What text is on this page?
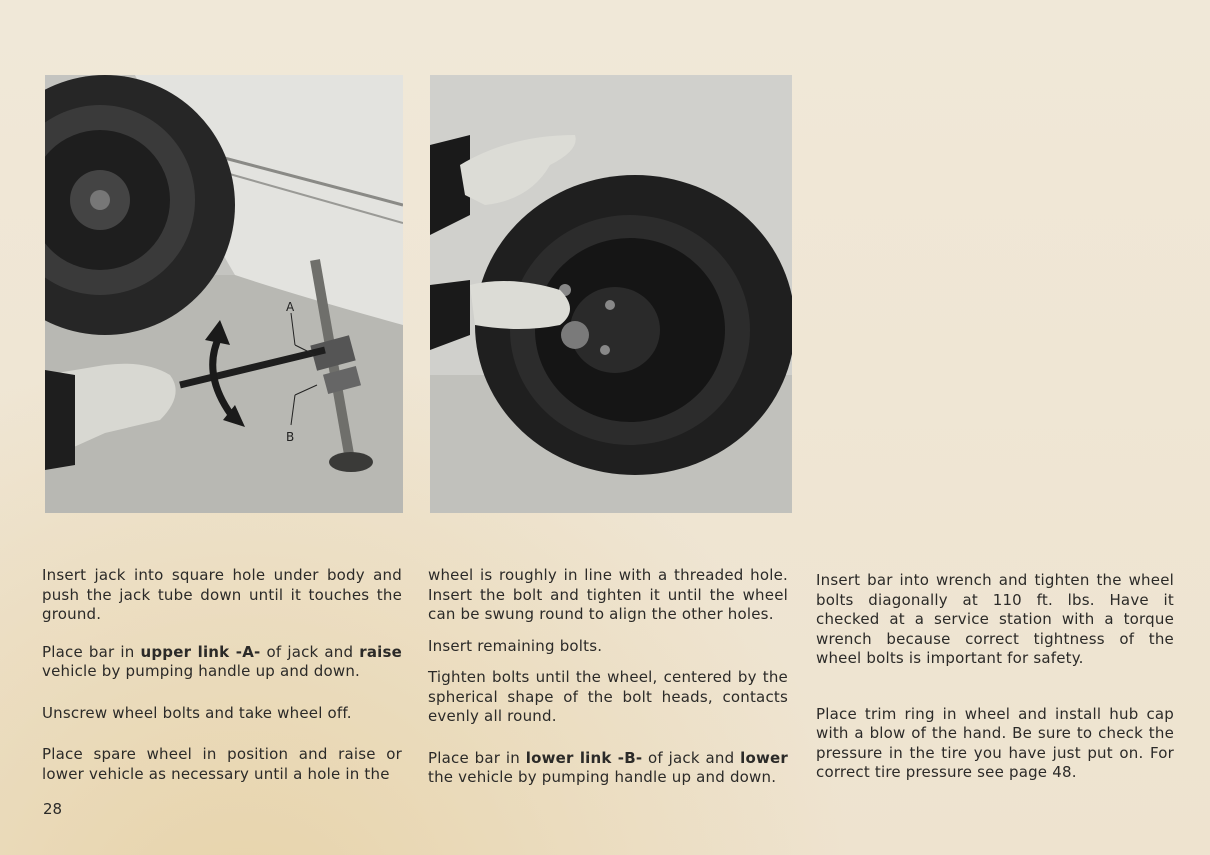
A
B

Insert jack into square hole under body and push the jack tube down until it touches the ground.

Place bar in upper link -A- of jack and raise vehicle by pumping handle up and down.

Unscrew wheel bolts and take wheel off.

Place spare wheel in position and raise or lower vehicle as necessary until a hole in the

wheel is roughly in line with a threaded hole. Insert the bolt and tighten it until the wheel can be swung round to align the other holes.

Insert remaining bolts.

Tighten bolts until the wheel, centered by the spherical shape of the bolt heads, contacts evenly all round.

Place bar in lower link -B- of jack and lower the vehicle by pumping handle up and down.

Insert bar into wrench and tighten the wheel bolts diagonally at 110 ft. lbs. Have it checked at a service station with a torque wrench because correct tightness of the wheel bolts is important for safety.

Place trim ring in wheel and install hub cap with a blow of the hand. Be sure to check the pressure in the tire you have just put on. For correct tire pressure see page 48.

28
